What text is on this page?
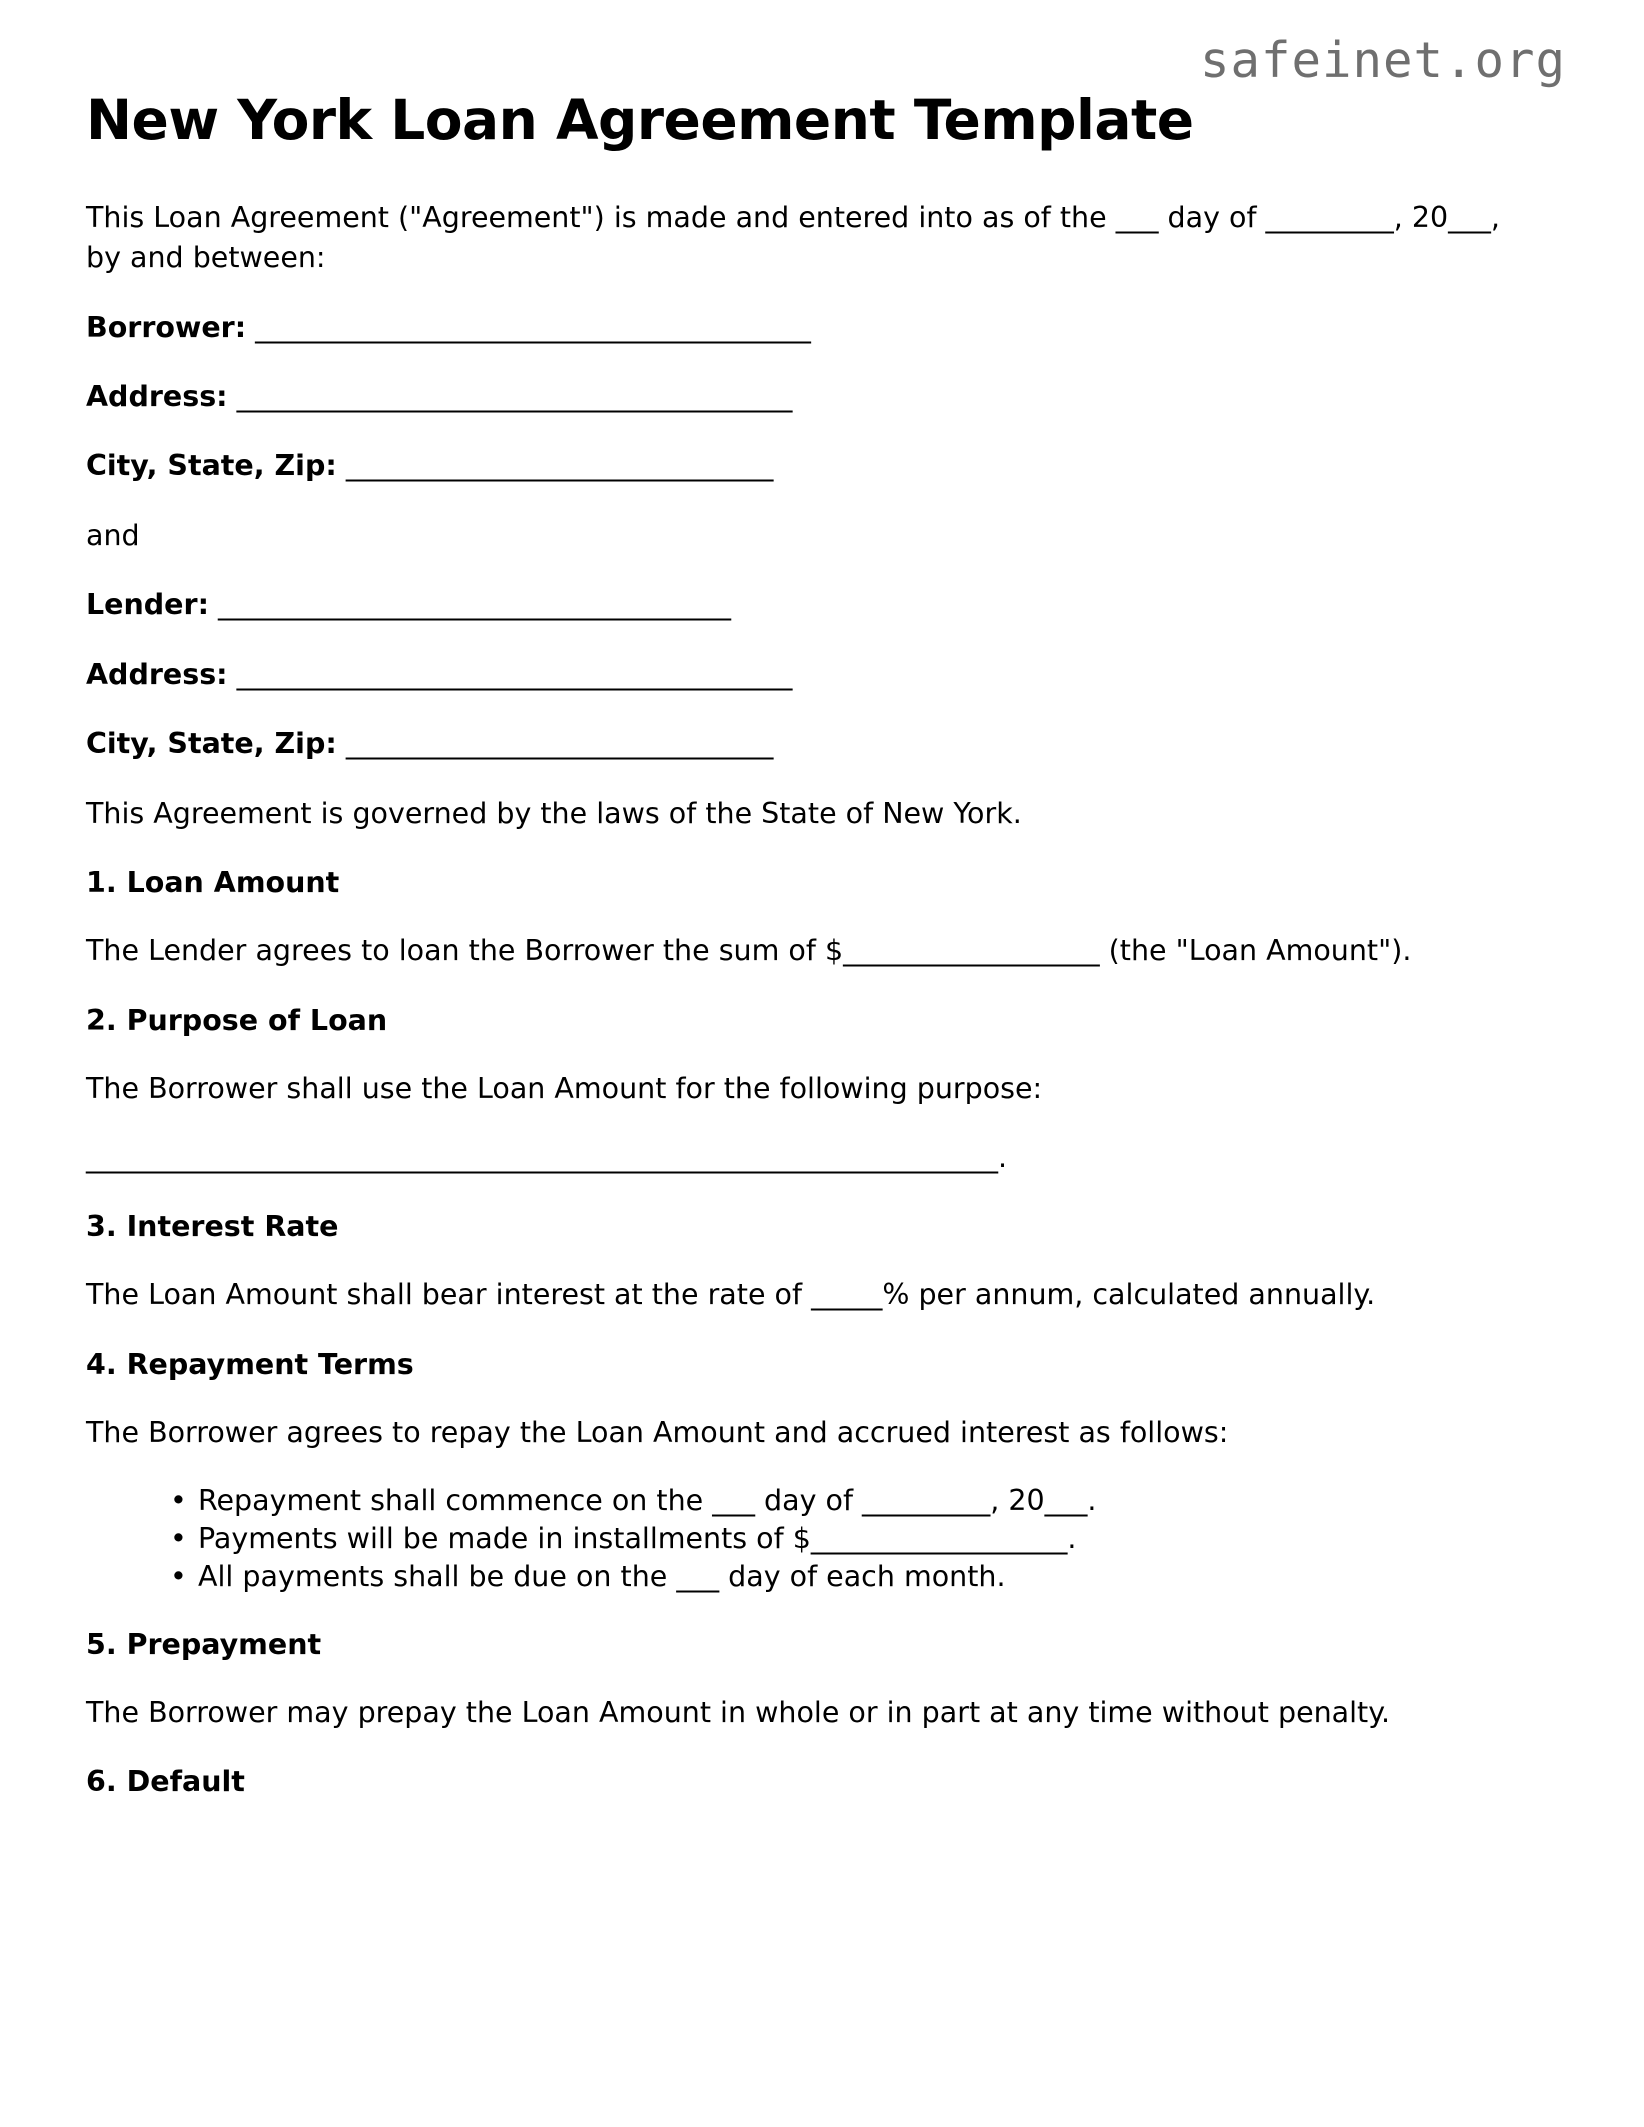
safeinet.org
New York Loan Agreement Template

This Loan Agreement ("Agreement") is made and entered into as of the ___ day of _________, 20___, by and between:

Borrower: _______________________________________

Address: _______________________________________

City, State, Zip: ______________________________

and

Lender: ____________________________________

Address: _______________________________________

City, State, Zip: ______________________________

This Agreement is governed by the laws of the State of New York.

1. Loan Amount

The Lender agrees to loan the Borrower the sum of $__________________ (the "Loan Amount").

2. Purpose of Loan

The Borrower shall use the Loan Amount for the following purpose:

________________________________________________________________.

3. Interest Rate

The Loan Amount shall bear interest at the rate of _____% per annum, calculated annually.

4. Repayment Terms

The Borrower agrees to repay the Loan Amount and accrued interest as follows:

• Repayment shall commence on the ___ day of _________, 20___.
• Payments will be made in installments of $__________________.
• All payments shall be due on the ___ day of each month.
5. Prepayment

The Borrower may prepay the Loan Amount in whole or in part at any time without penalty.

6. Default
